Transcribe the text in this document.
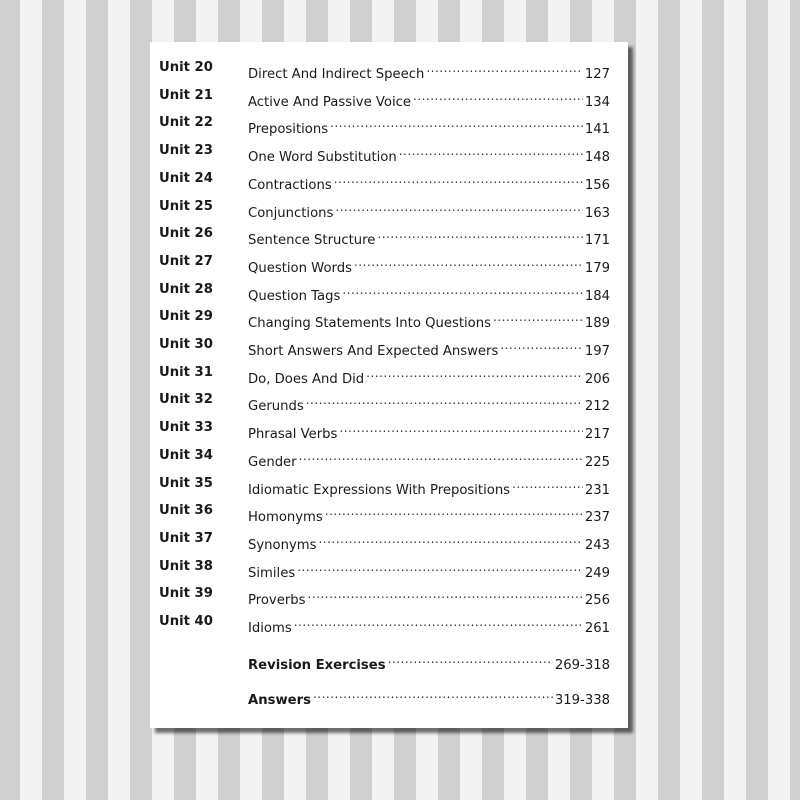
Unit 20	Direct And Indirect Speech .....	127
Unit 21	Active And Passive Voice .....	134
Unit 22	Prepositions .....	141
Unit 23	One Word Substitution .....	148
Unit 24	Contractions .....	156
Unit 25	Conjunctions .....	163
Unit 26	Sentence Structure .....	171
Unit 27	Question Words .....	179
Unit 28	Question Tags .....	184
Unit 29	Changing Statements Into Questions .....	189
Unit 30	Short Answers And Expected Answers .....	197
Unit 31	Do, Does And Did .....	206
Unit 32	Gerunds .....	212
Unit 33	Phrasal Verbs .....	217
Unit 34	Gender .....	225
Unit 35	Idiomatic Expressions With Prepositions .....	231
Unit 36	Homonyms .....	237
Unit 37	Synonyms .....	243
Unit 38	Similes .....	249
Unit 39	Proverbs .....	256
Unit 40	Idioms .....	261
Revision Exercises .....	269-318
Answers .....	319-338
